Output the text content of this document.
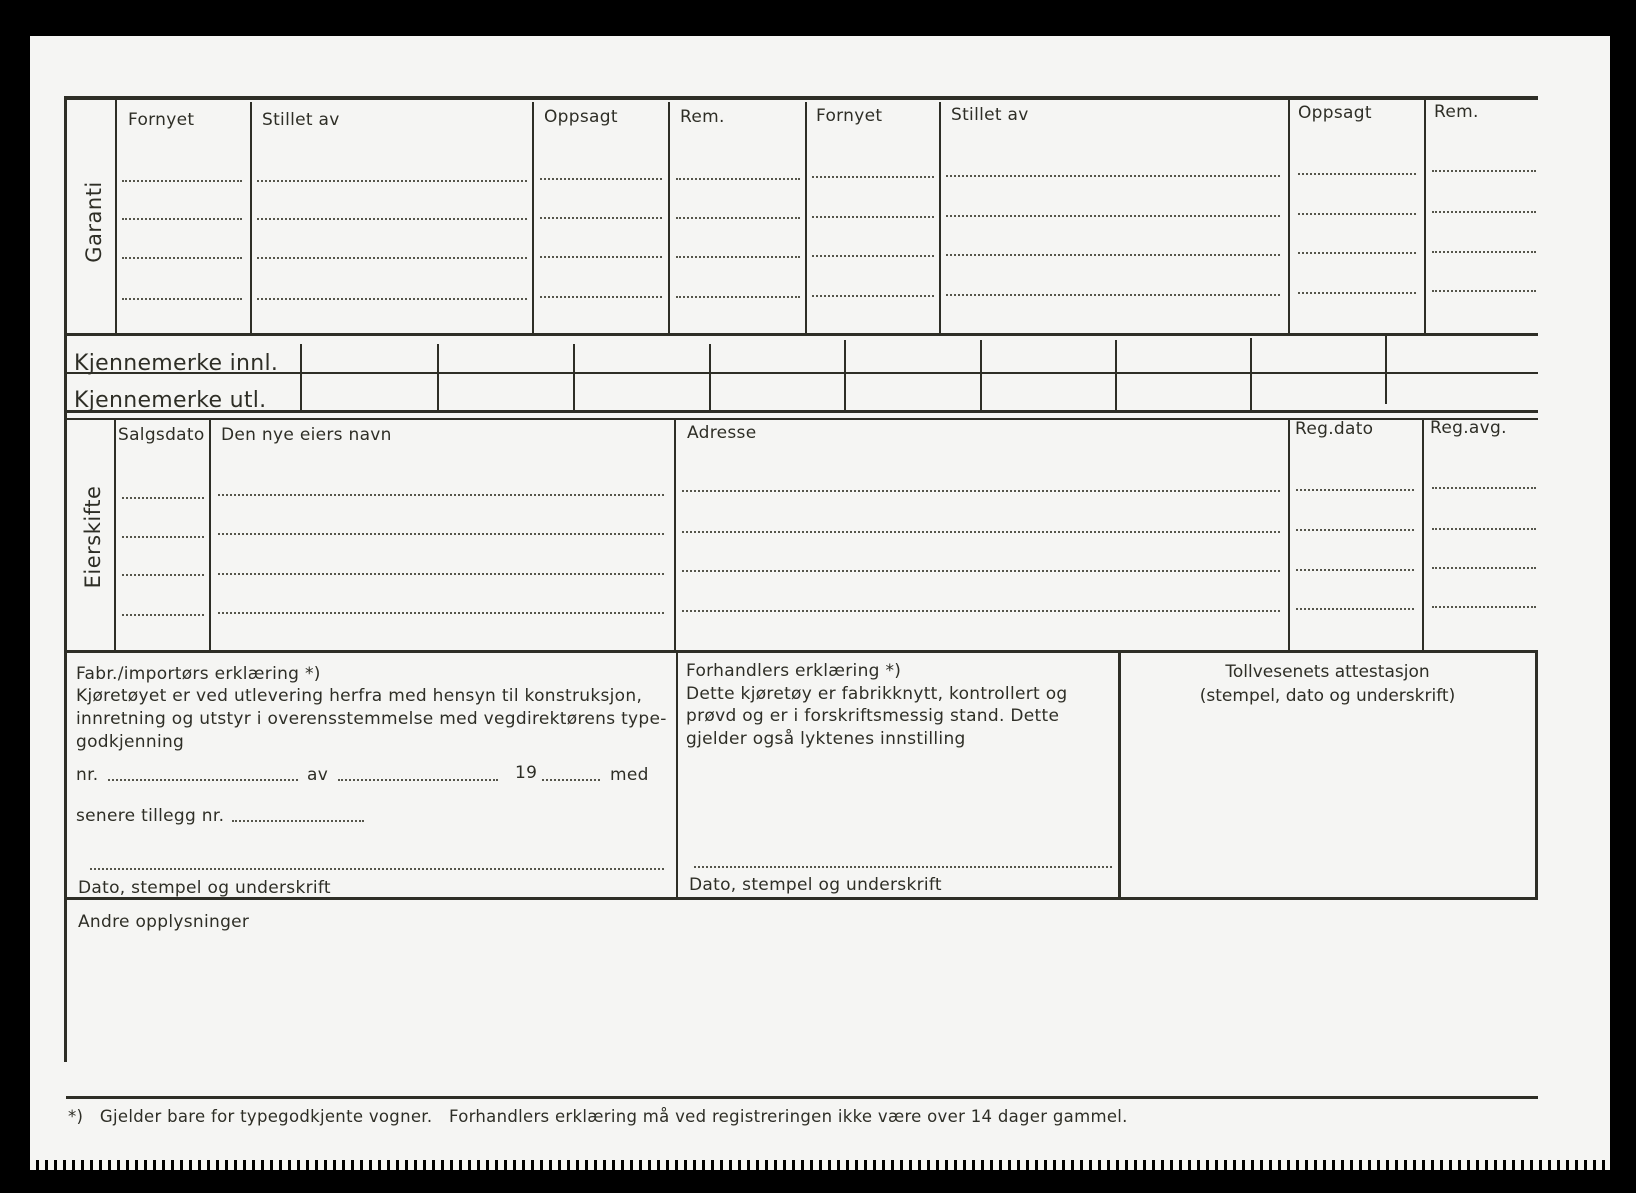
Garanti
Fornyet	Stillet av	Oppsagt	Rem.	Fornyet	Stillet av	Oppsagt	Rem.
Kjennemerke innl.
Kjennemerke utl.
Eierskifte
Salgsdato Den nye eiers navn	Adresse	Reg.dato	Reg.avg.
Fabr./importørs erklæring *)
Kjøretøyet er ved utlevering herfra med hensyn til konstruksjon,
innretning og utstyr i overensstemmelse med vegdirektørens type-
godkjenning
nr.	av	19	med
senere tillegg nr.
Dato, stempel og underskrift
Forhandlers erklæring *)
Dette kjøretøy er fabrikknytt, kontrollert og
prøvd og er i forskriftsmessig stand. Dette
gjelder også lyktenes innstilling
Dato, stempel og underskrift
Tollvesenets attestasjon
(stempel, dato og underskrift)
Andre opplysninger
*)   Gjelder bare for typegodkjente vogner.   Forhandlers erklæring må ved registreringen ikke være over 14 dager gammel.
